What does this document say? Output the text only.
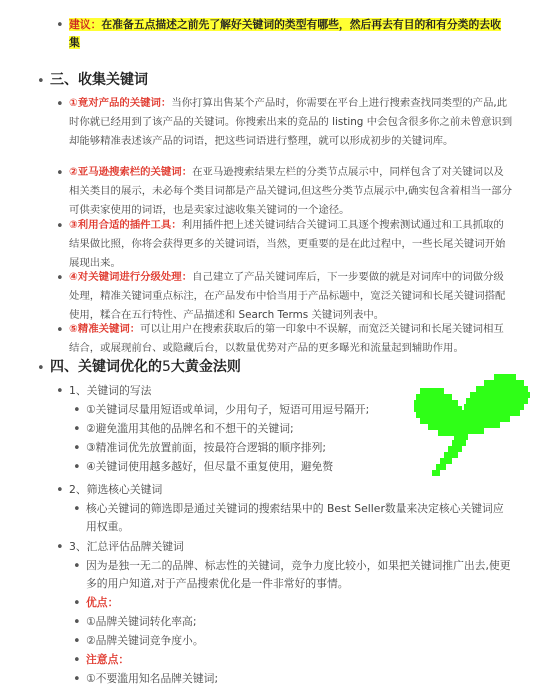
• 建议：在准备五点描述之前先了解好关键词的类型有哪些，然后再去有目的和有分类的去收集

• 三、收集关键词

• ①竟对产品的关键词：当你打算出售某个产品时，你需要在平台上进行搜索查找同类型的产品,此时你就已经用到了该产品的关键词。你搜索出来的竞品的 listing 中会包含很多你之前未曾意识到却能够精准表述该产品的词语，把这些词语进行整理，就可以形成初步的关键词库。

• ②亚马逊搜索栏的关键词：在亚马逊搜索结果左栏的分类节点展示中，同样包含了对关键词以及相关类目的展示，未必每个类目词都是产品关键词,但这些分类节点展示中,确实包含着相当一部分可供卖家使用的词语，也是卖家过滤收集关键词的一个途径。

• ③利用合适的插件工具：利用插件把上述关键词结合关键词工具逐个搜索测试通过和工具抓取的结果做比照，你将会获得更多的关键词语，当然，更重要的是在此过程中，一些长尾关键词开始展现出来。

• ④对关键词进行分级处理：自己建立了产品关键词库后，下一步要做的就是对词库中的词做分级处理，精准关键词重点标注，在产品发布中恰当用于产品标题中，宽泛关键词和长尾关键词搭配使用，糅合在五行特性、产品描述和 Search Terms 关键词列表中。

• ⑤精准关键词：可以让用户在搜索获取后的第一印象中不误解，而宽泛关键词和长尾关键词相互结合，或展现前台、或隐藏后台，以数量优势对产品的更多曝光和流量起到辅助作用。

• 四、关键词优化的5大黄金法则

• 1、关键词的写法

• ①关键词尽量用短语或单词，少用句子，短语可用逗号隔开;

• ②避免滥用其他的品牌名和不想干的关键词;

• ③精准词优先放置前面，按最符合逻辑的顺序排列;

• ④关键词使用越多越好，但尽量不重复使用，避免赘

• 2、筛选核心关键词

• 核心关键词的筛选即是通过关键词的搜索结果中的 Best Seller数量来决定核心关键词应用权重。

• 3、汇总评估品牌关键词

• 因为是独一无二的品牌、标志性的关键词，竞争力度比较小，如果把关键词推广出去,使更多的用户知道,对于产品搜索优化是一件非常好的事情。

• 优点：

• ①品牌关键词转化率高;

• ②品牌关键词竞争度小。

• 注意点：

• ①不要滥用知名品牌关键词;
